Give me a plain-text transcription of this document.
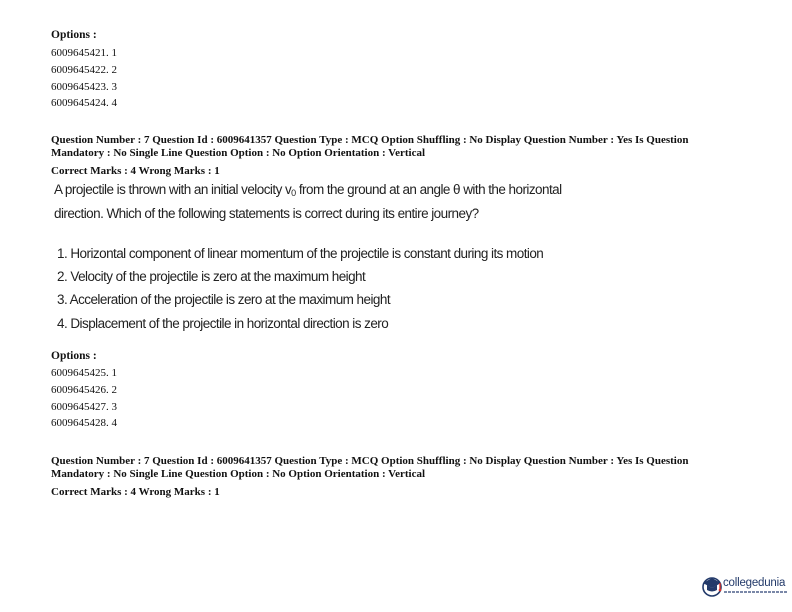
Options :
6009645421. 1
6009645422. 2
6009645423. 3
6009645424. 4
Question Number : 7 Question Id : 6009641357 Question Type : MCQ Option Shuffling : No Display Question Number : Yes Is Question
Mandatory : No Single Line Question Option : No Option Orientation : Vertical
Correct Marks : 4 Wrong Marks : 1
A projectile is thrown with an initial velocity $v_0$ from the ground at an angle θ with the horizontal
direction. Which of the following statements is correct during its entire journey?
1. Horizontal component of linear momentum of the projectile is constant during its motion
2. Velocity of the projectile is zero at the maximum height
3. Acceleration of the projectile is zero at the maximum height
4. Displacement of the projectile in horizontal direction is zero
Options :
6009645425. 1
6009645426. 2
6009645427. 3
6009645428. 4
Question Number : 7 Question Id : 6009641357 Question Type : MCQ Option Shuffling : No Display Question Number : Yes Is Question
Mandatory : No Single Line Question Option : No Option Orientation : Vertical
Correct Marks : 4 Wrong Marks : 1
collegedunia
